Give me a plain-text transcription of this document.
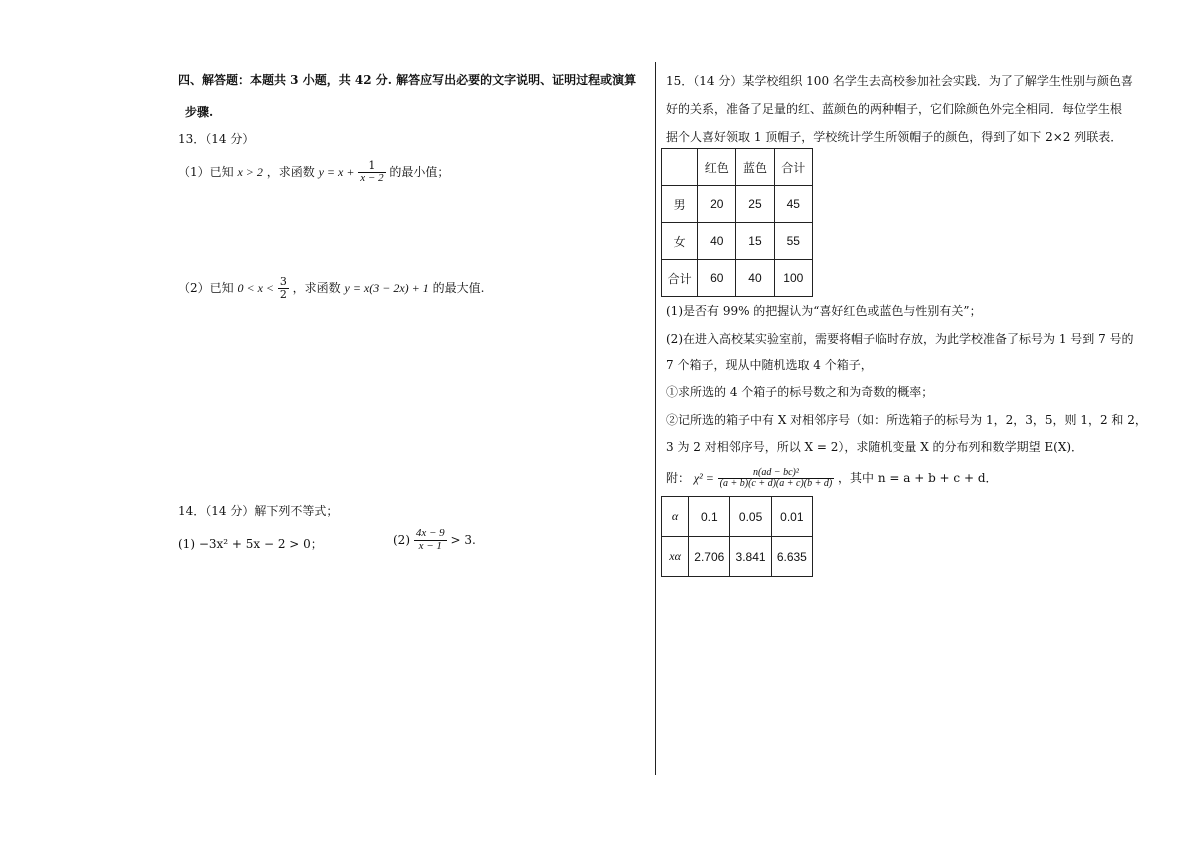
四、解答题：本题共 3 小题，共 42 分. 解答应写出必要的文字说明、证明过程或演算
步骤.
13．（14 分）
（1）已知 x > 2 ，求函数 $y = x + \frac{1}{x - 2}$ 的最小值；
（2）已知 $0 < x < \frac{3}{2}$ ，求函数 y = x(3 − 2x) + 1 的最大值.
14．（14 分）解下列不等式；
(1) −3x² + 5x − 2 > 0；	$(2) \frac{4x - 9}{x - 1} > 3$.
15．（14 分）某学校组织 100 名学生去高校参加社会实践．为了了解学生性别与颜色喜
好的关系，准备了足量的红、蓝颜色的两种帽子，它们除颜色外完全相同．每位学生根
据个人喜好领取 1 顶帽子，学校统计学生所领帽子的颜色，得到了如下 2×2 列联表．
	红色	蓝色	合计
男	20	25	45
女	40	15	55
合计	60	40	100
(1)是否有 99% 的把握认为“喜好红色或蓝色与性别有关”；
(2)在进入高校某实验室前，需要将帽子临时存放，为此学校准备了标号为 1 号到 7 号的
7 个箱子，现从中随机选取 4 个箱子，
①求所选的 4 个箱子的标号数之和为奇数的概率；
②记所选的箱子中有 X 对相邻序号（如：所选箱子的标号为 1，2，3，5，则 1，2 和 2，
3 为 2 对相邻序号，所以 X = 2），求随机变量 X 的分布列和数学期望 E(X)．
附： $\chi^2 = \frac{\text{n(ad − bc)²}}{(a + b)(c + d)(a + c)(b + d)}$ ，其中 n = a + b + c + d．
α	0.1	0.05	0.01
xα	2.706	3.841	6.635
